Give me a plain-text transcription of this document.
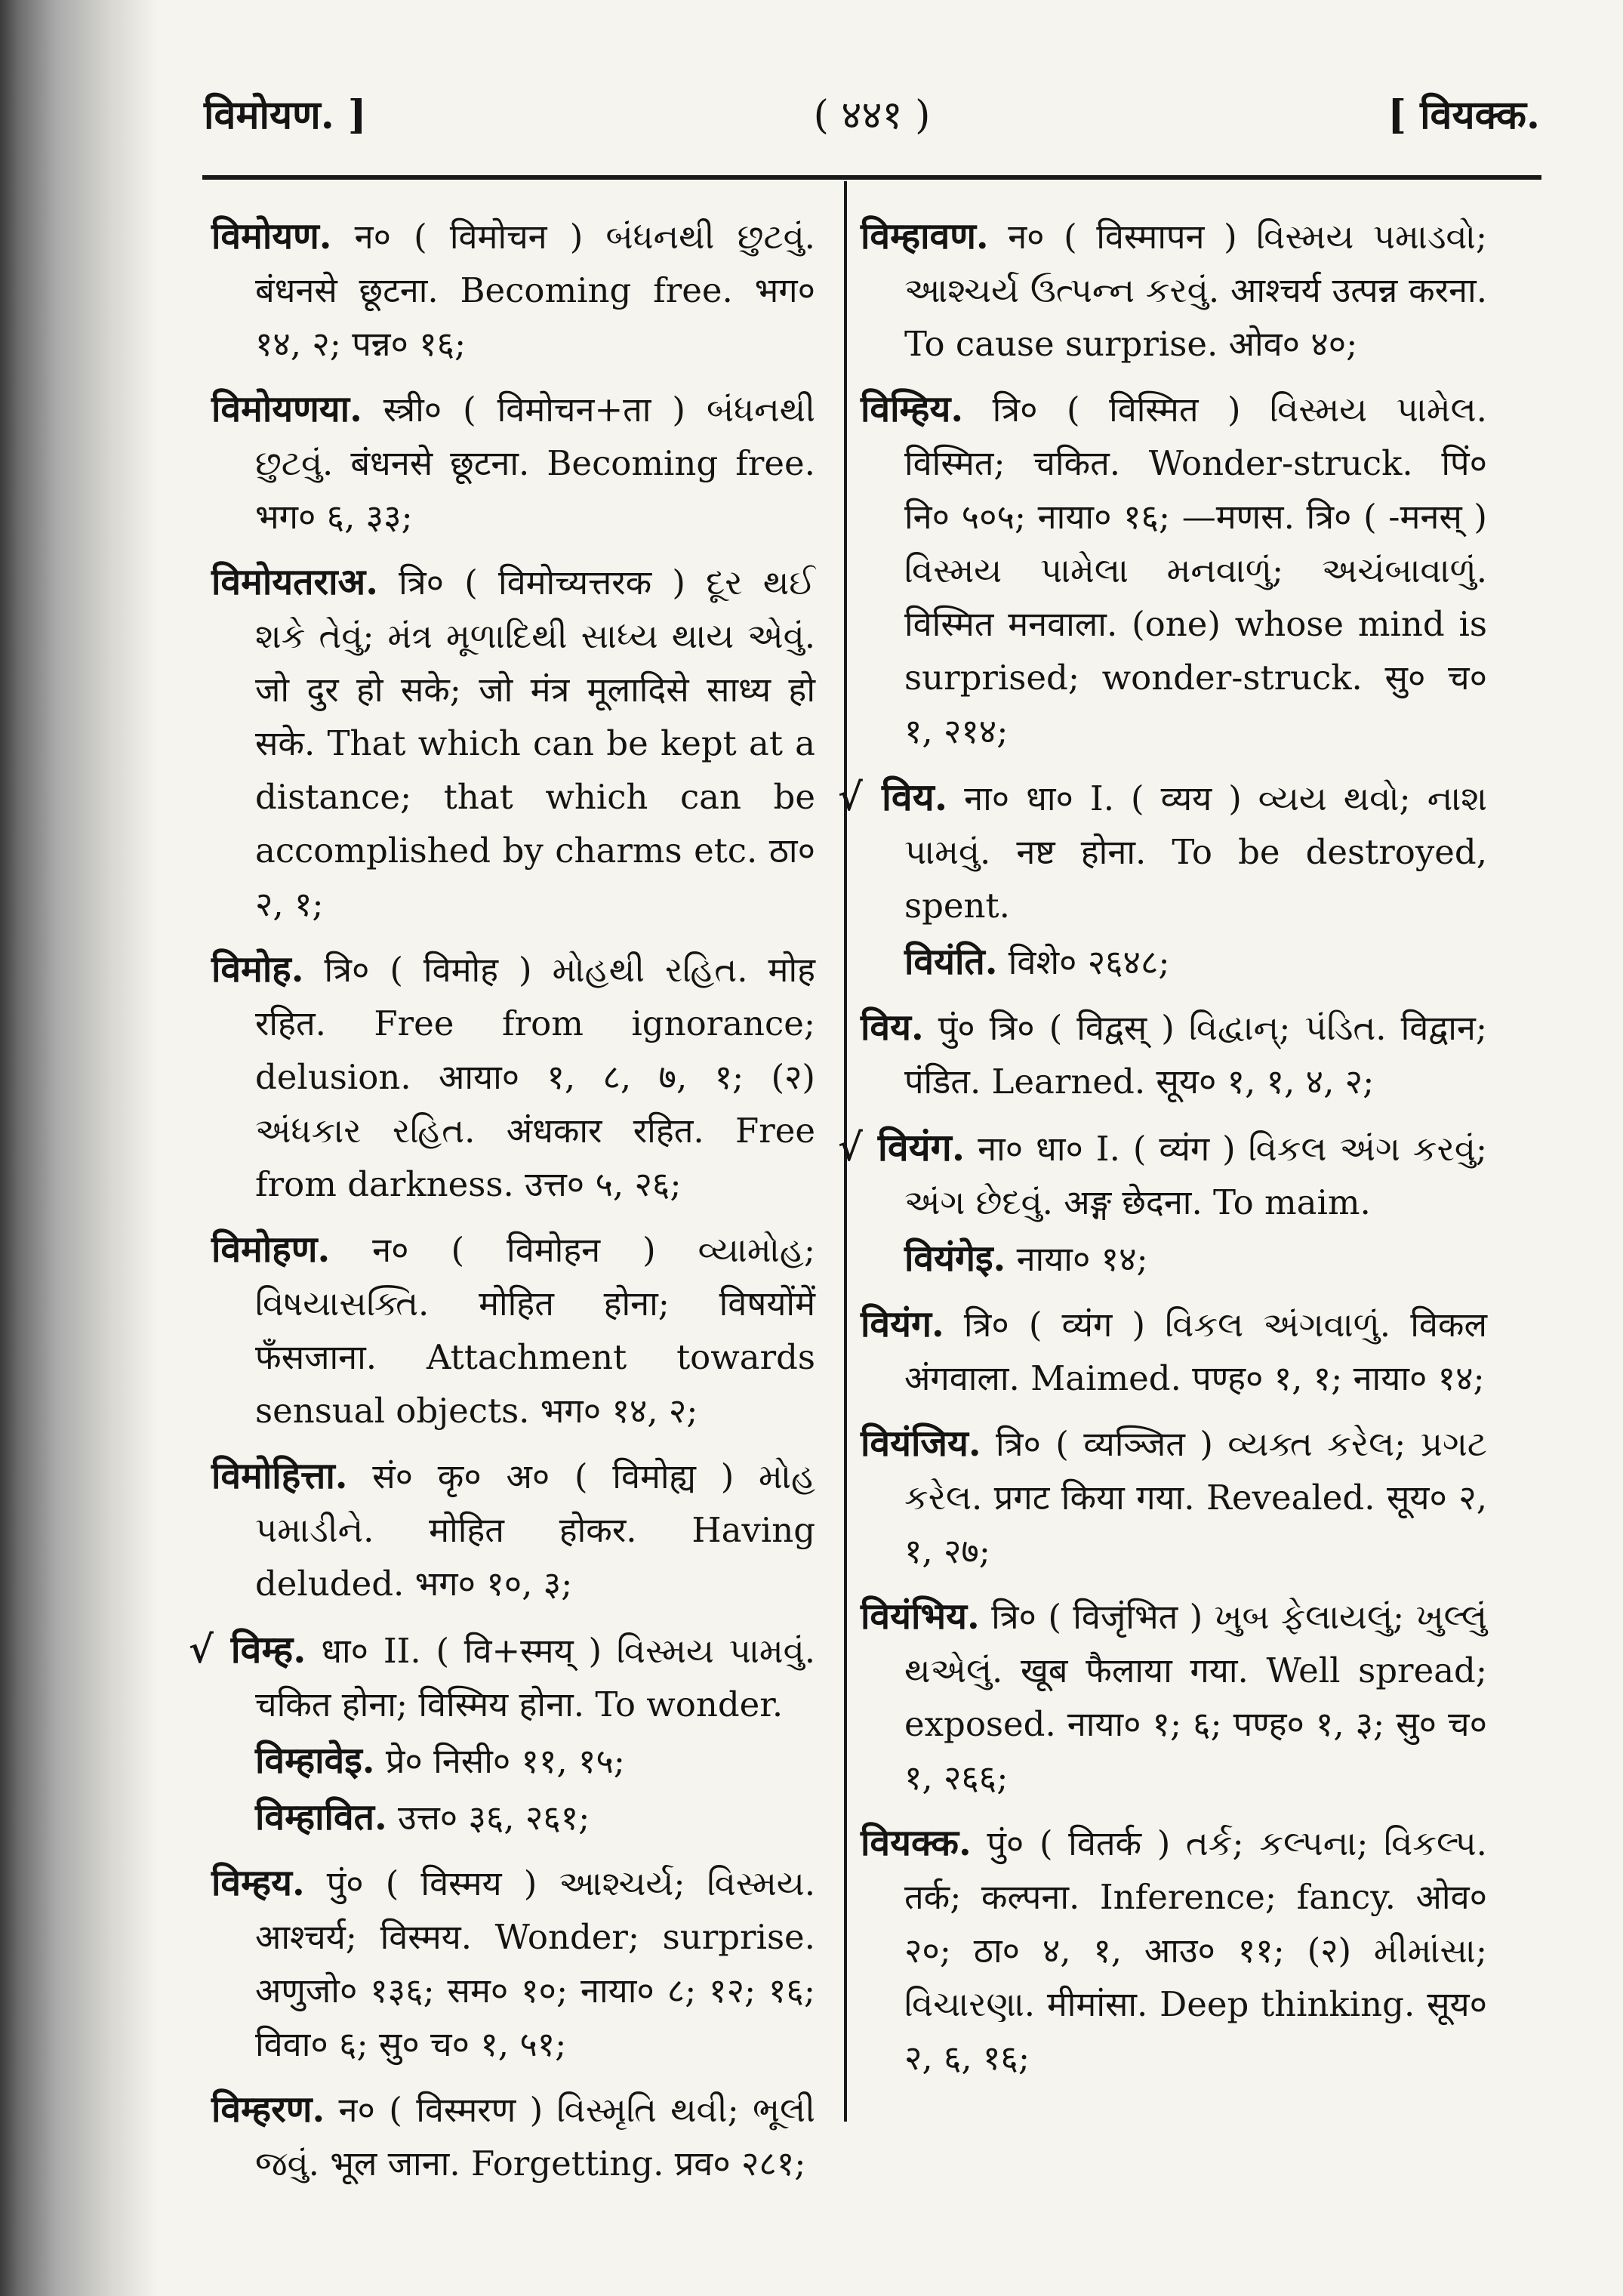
विमोयण. ]	( ४४१ )	[ वियक्क.

विमोयण. न० ( विमोचन ) બંધનથી છુટવું. बंधनसे छूटना. Becoming free. भग० १४, २; पन्न० १६;

विमोयणया. स्त्री० ( विमोचन+ता ) બંધનથી છુટવું. बंधनसे छूटना. Becoming free. भग० ६, ३३;

विमोयतराअ. त्रि० ( विमोच्यत्तरक ) દૂર થઈ શકે તેવું; મંત્ર મૂળાદિથી સાધ્ય થાય એવું. जो दुर हो सके; जो मंत्र मूलादिसे साध्य हो सके. That which can be kept at a distance; that which can be accomplished by charms etc. ठा० २, १;

विमोह. त्रि० ( विमोह ) મોહથી રહિત. मोह रहित. Free from ignorance; delusion. आया० १, ८, ७, १; (२) અંધકાર રહિત. अंधकार रहित. Free from darkness. उत्त० ५, २६;

विमोहण. न० ( विमोहन ) વ્યામોહ; વિષયાસક્તિ. मोहित होना; विषयोंमें फँसजाना. Attachment towards sensual objects. भग० १४, २;

विमोहित्ता. सं० कृ० अ० ( विमोह्य ) મોહ પમાડીને. मोहित होकर. Having deluded. भग० १०, ३;

√ विम्ह. धा० II. ( वि+स्मय् ) વિસ્મય પામવું. चकित होना; विस्मिय होना. To wonder.

विम्हावेइ. प्रे० निसी० ११, १५;

विम्हावित. उत्त० ३६, २६१;

विम्हय. पुं० ( विस्मय ) આશ્ચર્ય; વિસ્મય. आश्चर्य; विस्मय. Wonder; surprise. अणुजो० १३६; सम० १०; नाया० ८; १२; १६; विवा० ६; सु० च० १, ५१;

विम्हरण. न० ( विस्मरण ) વિસ્મૃતિ થવી; ભૂલી જવું. भूल जाना. Forgetting. प्रव० २८१;

विम्हावण. न० ( विस्मापन ) વિસ્મય પમાડવો; આશ્ચર્ય ઉત્પન્ન કરવું. आश्चर्य उत्पन्न करना. To cause surprise. ओव० ४०;

विम्हिय. त्रि० ( विस्मित ) વિસ્મય પામેલ. विस्मित; चकित. Wonder-struck. पिं० नि० ५०५; नाया० १६; —मणस. त्रि० ( -मनस् ) વિસ્મય પામેલા મનવાળું; અચંબાવાળું. विस्मित मनवाला. (one) whose mind is surprised; wonder-struck. सु० च० १, २१४;

√ विय. ना० धा० I. ( व्यय ) વ્યય થવો; નાશ પામવું. नष्ट होना. To be destroyed, spent.

वियंति. विशे० २६४८;

विय. पुं० त्रि० ( विद्वस् ) વિદ્વાન્; પંડિત. विद्वान; पंडित. Learned. सूय० १, १, ४, २;

√ वियंग. ना० धा० I. ( व्यंग ) વિકલ અંગ કરવું; અંગ છેદવું. अङ्ग छेदना. To maim.

वियंगेइ. नाया० १४;

वियंग. त्रि० ( व्यंग ) વિકલ અંગવાળું. विकल अंगवाला. Maimed. पण्ह० १, १; नाया० १४;

वियंजिय. त्रि० ( व्यञ्जित ) વ્યક્ત કરેલ; પ્રગટ કરેલ. प्रगट किया गया. Revealed. सूय० २, १, २७;

वियंभिय. त्रि० ( विजृंभित ) ખુબ ફેલાયલું; ખુલ્લું થએલું. खूब फैलाया गया. Well spread; exposed. नाया० १; ६; पण्ह० १, ३; सु० च० १, २६६;

वियक्क. पुं० ( वितर्क ) તર્ક; કલ્પના; વિકલ્પ. तर्क; कल्पना. Inference; fancy. ओव० २०; ठा० ४, १, आउ० ११; (२) મીમાંસા; વિચારણા. मीमांसा. Deep thinking. सूय० २, ६, १६;
